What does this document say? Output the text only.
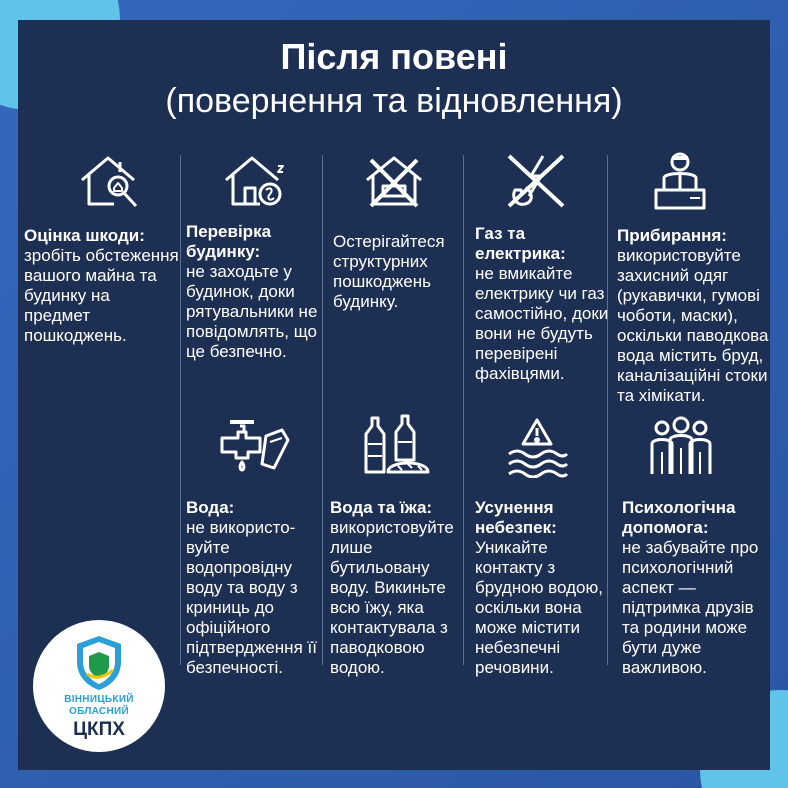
Після повені
(повернення та відновлення)
Оцінка шкоди:
зробіть обстеження вашого майна та будинку на предмет пошкоджень.
Перевірка будинку:
не заходьте у будинок, доки рятувальники не повідомлять, що це безпечно.
Остерігайтеся структурних пошкоджень будинку.
Газ та електрика:
не вмикайте електрику чи газ самостійно, доки вони не будуть перевірені фахівцями.
Прибирання:
використовуйте захисний одяг (рукавички, гумові чоботи, маски), оскільки паводкова вода містить бруд, каналізаційні стоки та хімікати.
Вода:
не використо-вуйте водопровідну воду та воду з криниць до офіційного підтвердження її безпечності.
Вода та їжа:
використовуйте лише бутильовану воду. Викиньте всю їжу, яка контактувала з паводковою водою.
Усунення небезпек:
Уникайте контакту з брудною водою, оскільки вона може містити небезпечні речовини.
Психологічна допомога:
не забувайте про психологічний аспект — підтримка друзів та родини може бути дуже важливою.
ВІННИЦЬКИЙ
ОБЛАСНИЙ
ЦКПХ
